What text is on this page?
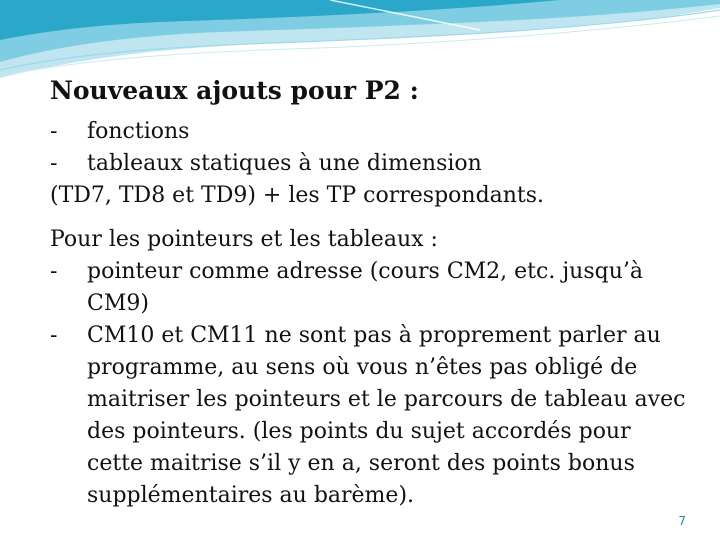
Nouveaux ajouts pour P2 :

-	fonctions
-	tableaux statiques à une dimension

(TD7, TD8 et TD9) + les TP correspondants.

Pour les pointeurs et les tableaux :

-	pointeur comme adresse (cours CM2, etc. jusqu’à CM9)
-	CM10 et CM11 ne sont pas à proprement parler au programme, au sens où vous n’êtes pas obligé de maitriser les pointeurs et le parcours de tableau avec des pointeurs. (les points du sujet accordés pour cette maitrise s’il y en a, seront des points bonus supplémentaires au barème).
7
